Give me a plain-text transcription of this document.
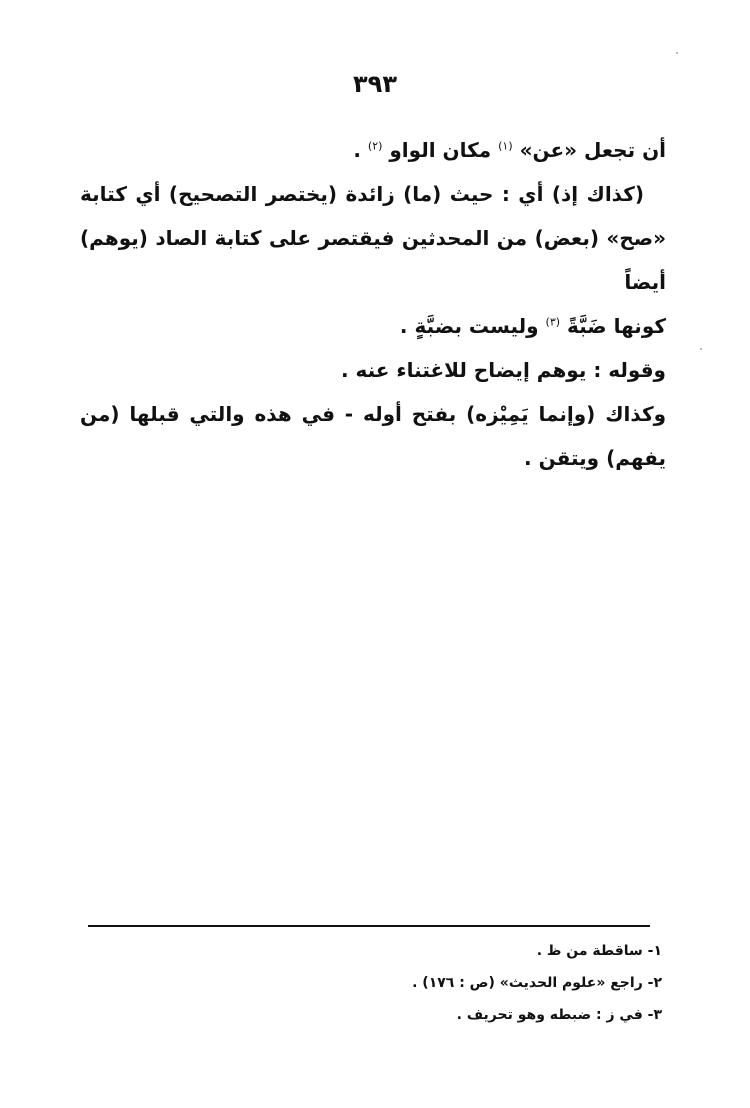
٣٩٣

أن تجعل «عن» $^{(١)}$ مكان الواو $^{(٢)}$ .

(كذاك إذ) أي : حيث (ما) زائدة (يختصر التصحيح) أي كتابة «صح» (بعض) من المحدثين فيقتصر على كتابة الصاد (يوهم) أيضاً

كونها ضَبَّةً $^{(٣)}$ وليست بضبَّةٍ .

وقوله : يوهم إيضاح للاغتناء عنه .

وكذاك (وإنما يَمِيْزه) بفتح أوله - في هذه والتي قبلها (من يفهم) ويتقن .

١- ساقطة من ظ .

٢- راجع «علوم الحديث» (ص : ١٧٦) .

٣- في ز : ضبطه وهو تحريف .
